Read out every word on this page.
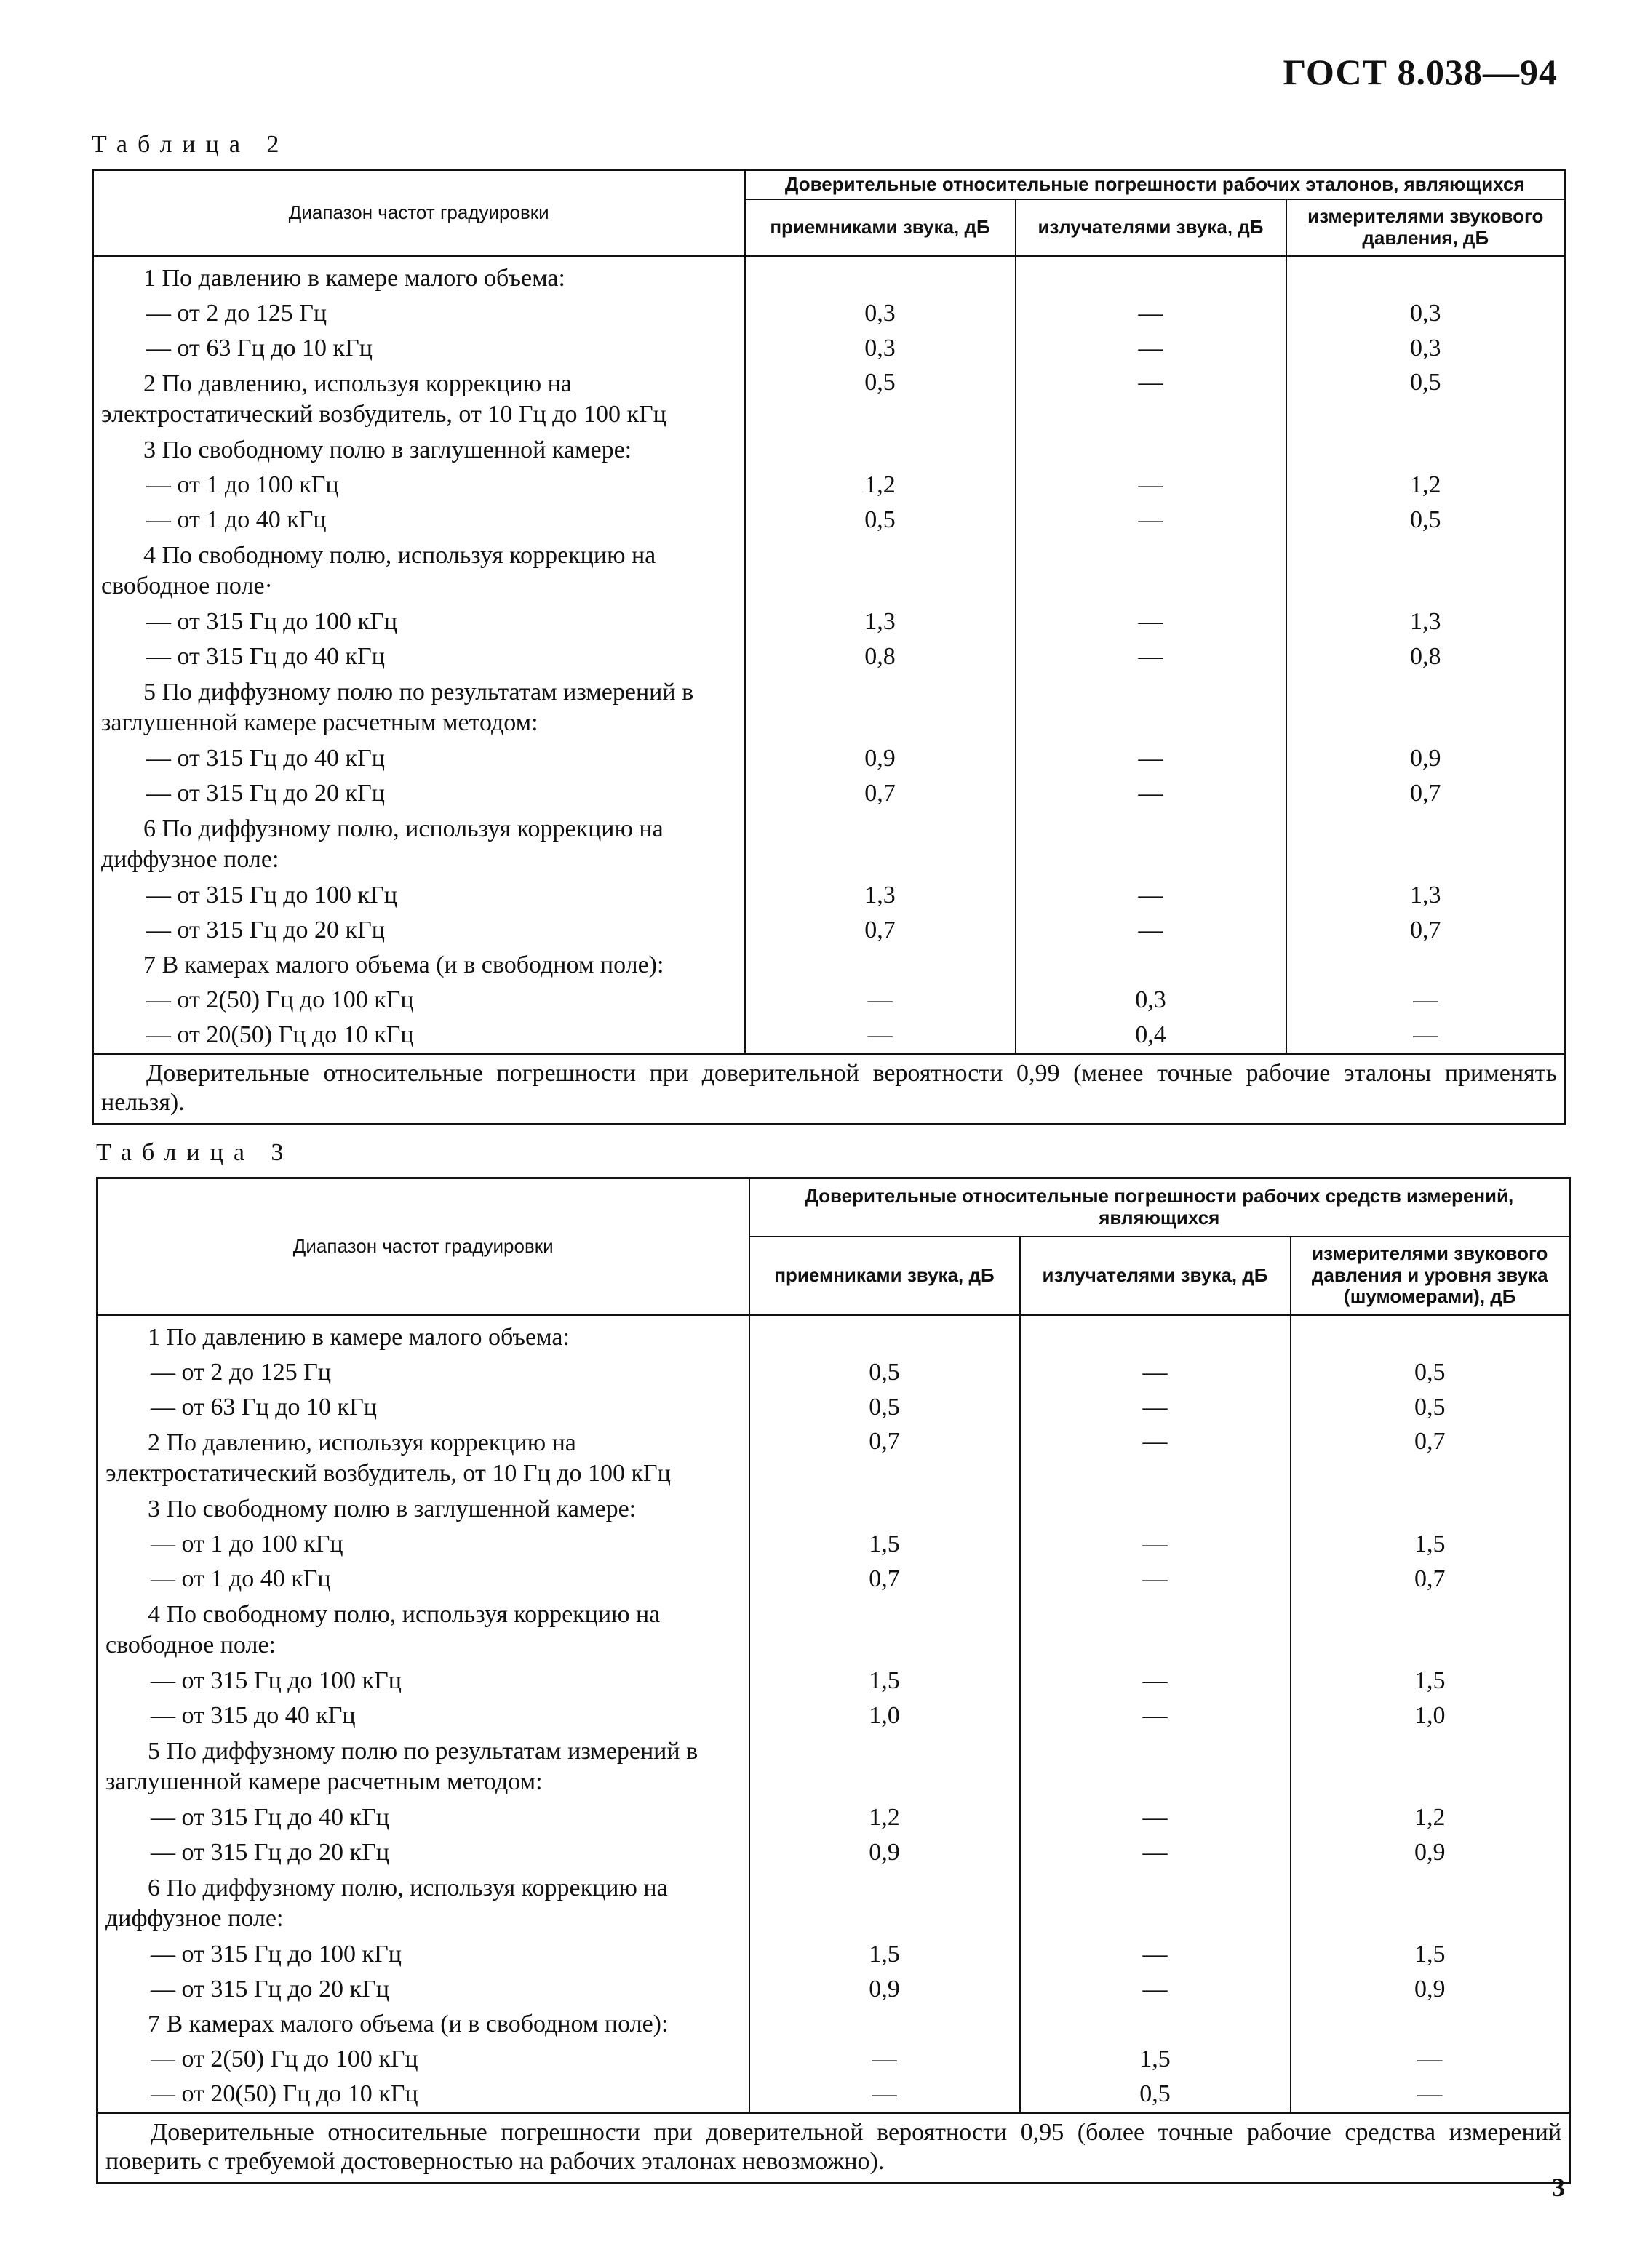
ГОСТ 8.038—94
Таблица 2
Диапазон частот градуировки	Доверительные относительные погрешности рабочих эталонов, являющихся		
	приемниками звука, дБ	излучателями звука, дБ	измерителями звукового давления, дБ
1 По давлению в камере малого объема:			
— от 2 до 125 Гц	0,3	—	0,3
— от 63 Гц до 10 кГц	0,3	—	0,3
2 По давлению, используя коррекцию на электростатический возбудитель, от 10 Гц до 100 кГц	0,5	—	0,5
3 По свободному полю в заглушенной камере:			
— от 1 до 100 кГц	1,2	—	1,2
— от 1 до 40 кГц	0,5	—	0,5
4 По свободному полю, используя коррекцию на свободное поле·			
— от 315 Гц до 100 кГц	1,3	—	1,3
— от 315 Гц до 40 кГц	0,8	—	0,8
5 По диффузному полю по результатам измерений в заглушенной камере расчетным методом:			
— от 315 Гц до 40 кГц	0,9	—	0,9
— от 315 Гц до 20 кГц	0,7	—	0,7
6 По диффузному полю, используя коррекцию на диффузное поле:			
— от 315 Гц до 100 кГц	1,3	—	1,3
— от 315 Гц до 20 кГц	0,7	—	0,7
7 В камерах малого объема (и в свободном поле):			
— от 2(50) Гц до 100 кГц	—	0,3	—
— от 20(50) Гц до 10 кГц	—	0,4	—
Доверительные относительные погрешности при доверительной вероятности 0,99 (менее точные рабочие эталоны применять нельзя).			
Таблица 3
Диапазон частот градуировки	Доверительные относительные погрешности рабочих средств измерений, являющихся		
	приемниками звука, дБ	излучателями звука, дБ	измерителями звукового давления и уровня звука (шумомерами), дБ
1 По давлению в камере малого объема:			
— от 2 до 125 Гц	0,5	—	0,5
— от 63 Гц до 10 кГц	0,5	—	0,5
2 По давлению, используя коррекцию на электростатический возбудитель, от 10 Гц до 100 кГц	0,7	—	0,7
3 По свободному полю в заглушенной камере:			
— от 1 до 100 кГц	1,5	—	1,5
— от 1 до 40 кГц	0,7	—	0,7
4 По свободному полю, используя коррекцию на свободное поле:			
— от 315 Гц до 100 кГц	1,5	—	1,5
— от 315 до 40 кГц	1,0	—	1,0
5 По диффузному полю по результатам измерений в заглушенной камере расчетным методом:			
— от 315 Гц до 40 кГц	1,2	—	1,2
— от 315 Гц до 20 кГц	0,9	—	0,9
6 По диффузному полю, используя коррекцию на диффузное поле:			
— от 315 Гц до 100 кГц	1,5	—	1,5
— от 315 Гц до 20 кГц	0,9	—	0,9
7 В камерах малого объема (и в свободном поле):			
— от 2(50) Гц до 100 кГц	—	1,5	—
— от 20(50) Гц до 10 кГц	—	0,5	—
Доверительные относительные погрешности при доверительной вероятности 0,95 (более точные рабочие средства измерений поверить с требуемой достоверностью на рабочих эталонах невозможно).			
3
